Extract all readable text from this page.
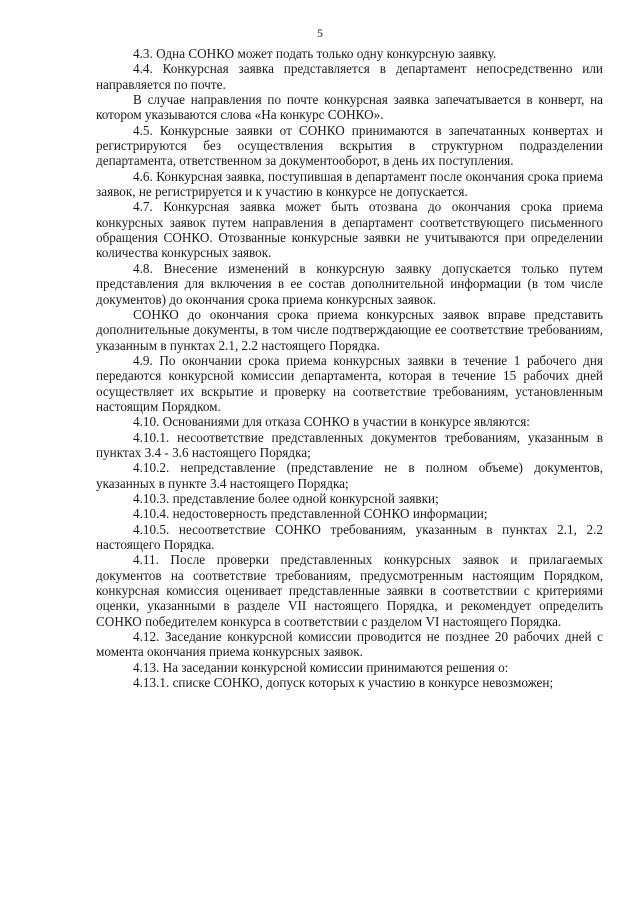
5

4.3. Одна СОНКО может подать только одну конкурсную заявку.

4.4. Конкурсная заявка представляется в департамент непосредственно или направляется по почте.

В случае направления по почте конкурсная заявка запечатывается в конверт, на котором указываются слова «На конкурс СОНКО».

4.5. Конкурсные заявки от СОНКО принимаются в запечатанных конвертах и регистрируются без осуществления вскрытия в структурном подразделении департамента, ответственном за документооборот, в день их поступления.

4.6. Конкурсная заявка, поступившая в департамент после окончания срока приема заявок, не регистрируется и к участию в конкурсе не допускается.

4.7. Конкурсная заявка может быть отозвана до окончания срока приема конкурсных заявок путем направления в департамент соответствующего письменного обращения СОНКО. Отозванные конкурсные заявки не учитываются при определении количества конкурсных заявок.

4.8. Внесение изменений в конкурсную заявку допускается только путем представления для включения в ее состав дополнительной информации (в том числе документов) до окончания срока приема конкурсных заявок.

СОНКО до окончания срока приема конкурсных заявок вправе представить дополнительные документы, в том числе подтверждающие ее соответствие требованиям, указанным в пунктах 2.1, 2.2 настоящего Порядка.

4.9. По окончании срока приема конкурсных заявки в течение 1 рабочего дня передаются конкурсной комиссии департамента, которая в течение 15 рабочих дней осуществляет их вскрытие и проверку на соответствие требованиям, установленным настоящим Порядком.

4.10. Основаниями для отказа СОНКО в участии в конкурсе являются:

4.10.1. несоответствие представленных документов требованиям, указанным в пунктах 3.4 - 3.6 настоящего Порядка;

4.10.2. непредставление (представление не в полном объеме) документов, указанных в пункте 3.4 настоящего Порядка;

4.10.3. представление более одной конкурсной заявки;

4.10.4. недостоверность представленной СОНКО информации;

4.10.5. несоответствие СОНКО требованиям, указанным в пунктах 2.1, 2.2 настоящего Порядка.

4.11. После проверки представленных конкурсных заявок и прилагаемых документов на соответствие требованиям, предусмотренным настоящим Порядком, конкурсная комиссия оценивает представленные заявки в соответствии с критериями оценки, указанными в разделе VII настоящего Порядка, и рекомендует определить СОНКО победителем конкурса в соответствии с разделом VI настоящего Порядка.

4.12. Заседание конкурсной комиссии проводится не позднее 20 рабочих дней с момента окончания приема конкурсных заявок.

4.13. На заседании конкурсной комиссии принимаются решения о:

4.13.1. списке СОНКО, допуск которых к участию в конкурсе невозможен;
